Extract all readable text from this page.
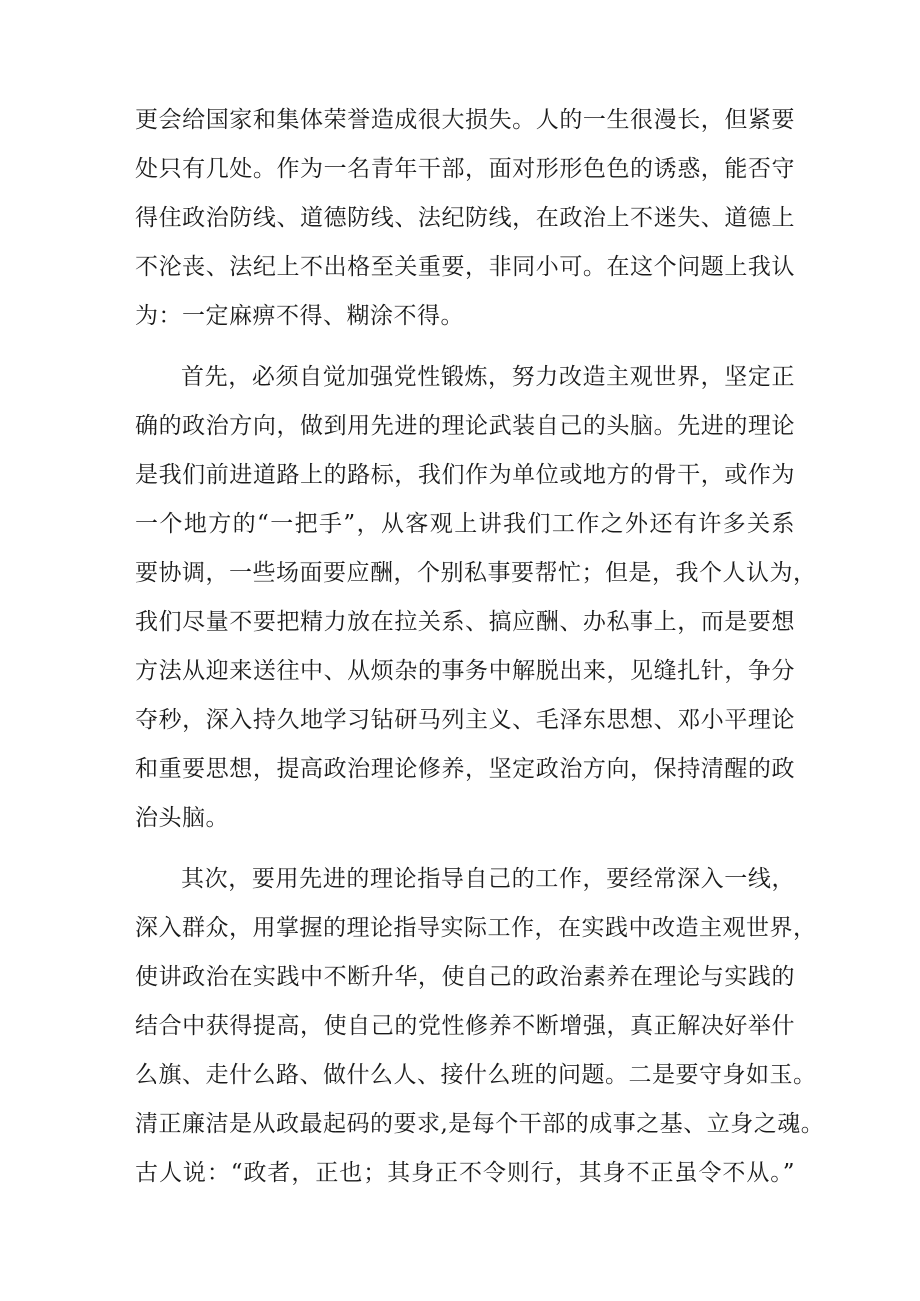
更会给国家和集体荣誉造成很大损失。人的一生很漫长，但紧要
处只有几处。作为一名青年干部，面对形形色色的诱惑，能否守
得住政治防线、道德防线、法纪防线，在政治上不迷失、道德上
不沦丧、法纪上不出格至关重要，非同小可。在这个问题上我认
为：一定麻痹不得、糊涂不得。
首先，必须自觉加强党性锻炼，努力改造主观世界，坚定正
确的政治方向，做到用先进的理论武装自己的头脑。先进的理论
是我们前进道路上的路标，我们作为单位或地方的骨干，或作为
一个地方的“一把手”，从客观上讲我们工作之外还有许多关系
要协调，一些场面要应酬，个别私事要帮忙；但是，我个人认为，
我们尽量不要把精力放在拉关系、搞应酬、办私事上，而是要想
方法从迎来送往中、从烦杂的事务中解脱出来，见缝扎针，争分
夺秒，深入持久地学习钻研马列主义、毛泽东思想、邓小平理论
和重要思想，提高政治理论修养，坚定政治方向，保持清醒的政
治头脑。
其次，要用先进的理论指导自己的工作，要经常深入一线，
深入群众，用掌握的理论指导实际工作，在实践中改造主观世界，
使讲政治在实践中不断升华，使自己的政治素养在理论与实践的
结合中获得提高，使自己的党性修养不断增强，真正解决好举什
么旗、走什么路、做什么人、接什么班的问题。二是要守身如玉。
清正廉洁是从政最起码的要求,是每个干部的成事之基、立身之魂。
古人说：“政者，正也；其身正不令则行，其身不正虽令不从。”
